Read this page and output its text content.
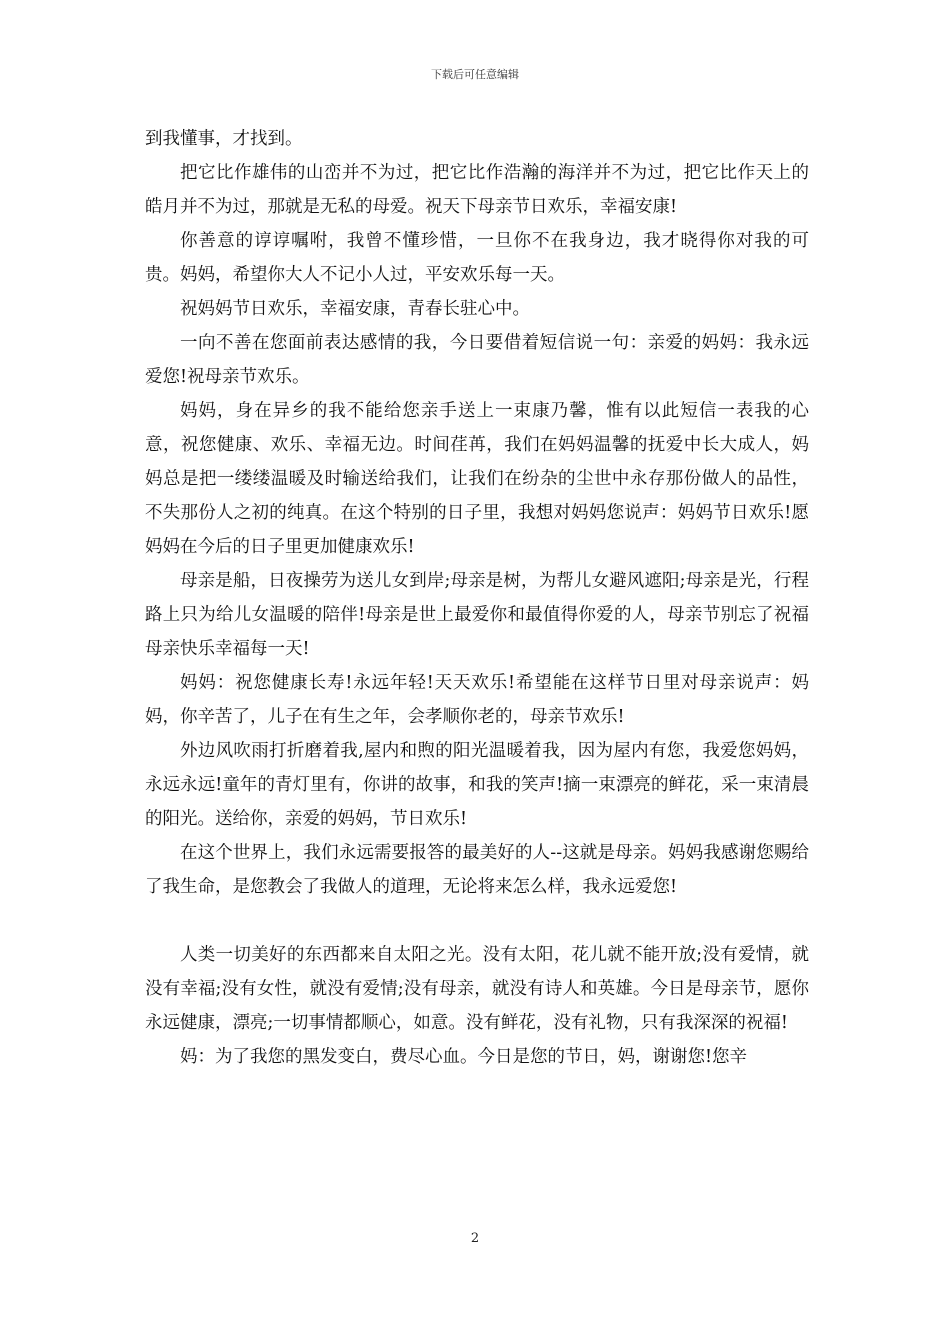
下载后可任意编辑

到我懂事，才找到。

把它比作雄伟的山峦并不为过，把它比作浩瀚的海洋并不为过，把它比作天上的皓月并不为过，那就是无私的母爱。祝天下母亲节日欢乐，幸福安康!

你善意的谆谆嘱咐，我曾不懂珍惜，一旦你不在我身边，我才晓得你对我的可贵。妈妈，希望你大人不记小人过，平安欢乐每一天。

祝妈妈节日欢乐，幸福安康，青春长驻心中。

一向不善在您面前表达感情的我，今日要借着短信说一句：亲爱的妈妈：我永远爱您!祝母亲节欢乐。

妈妈，身在异乡的我不能给您亲手送上一束康乃馨，惟有以此短信一表我的心意，祝您健康、欢乐、幸福无边。时间荏苒，我们在妈妈温馨的抚爱中长大成人，妈妈总是把一缕缕温暖及时输送给我们，让我们在纷杂的尘世中永存那份做人的品性，不失那份人之初的纯真。在这个特别的日子里，我想对妈妈您说声：妈妈节日欢乐!愿妈妈在今后的日子里更加健康欢乐!

母亲是船，日夜操劳为送儿女到岸;母亲是树，为帮儿女避风遮阳;母亲是光，行程路上只为给儿女温暖的陪伴!母亲是世上最爱你和最值得你爱的人，母亲节别忘了祝福母亲快乐幸福每一天!

妈妈：祝您健康长寿!永远年轻!天天欢乐!希望能在这样节日里对母亲说声：妈妈，你辛苦了，儿子在有生之年，会孝顺你老的，母亲节欢乐!

外边风吹雨打折磨着我,屋内和煦的阳光温暖着我，因为屋内有您，我爱您妈妈，永远永远!童年的青灯里有，你讲的故事，和我的笑声!摘一束漂亮的鲜花，采一束清晨的阳光。送给你，亲爱的妈妈，节日欢乐!

在这个世界上，我们永远需要报答的最美好的人--这就是母亲。妈妈我感谢您赐给了我生命，是您教会了我做人的道理，无论将来怎么样，我永远爱您!

人类一切美好的东西都来自太阳之光。没有太阳，花儿就不能开放;没有爱情，就没有幸福;没有女性，就没有爱情;没有母亲，就没有诗人和英雄。今日是母亲节，愿你永远健康，漂亮;一切事情都顺心，如意。没有鲜花，没有礼物，只有我深深的祝福!

妈：为了我您的黑发变白，费尽心血。今日是您的节日，妈，谢谢您!您辛

2
